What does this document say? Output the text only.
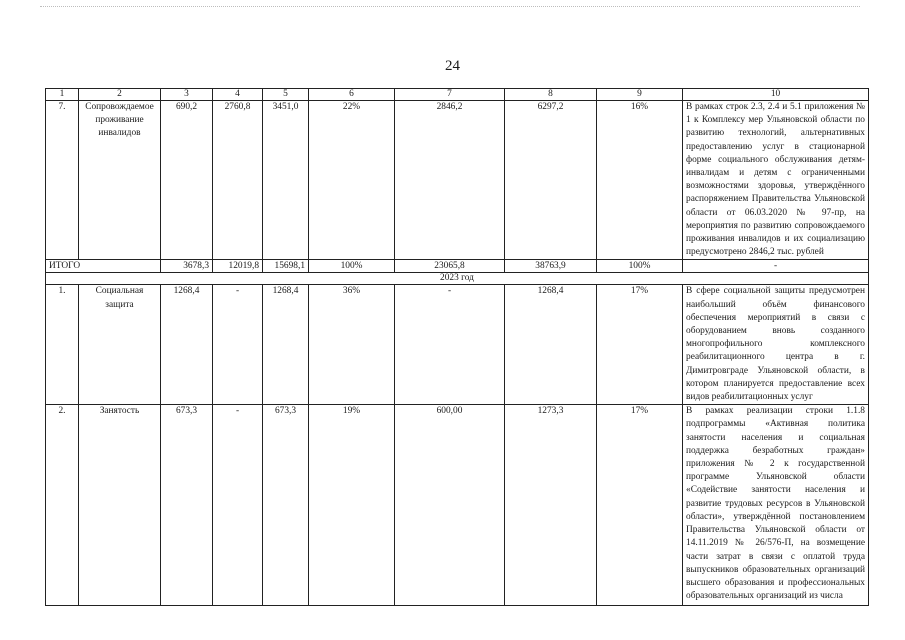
24
1	2	3	4	5	6	7	8	9	10
7.	Сопровождаемое проживание инвалидов	690,2	2760,8	3451,0	22%	2846,2	6297,2	16%	В рамках строк 2.3, 2.4 и 5.1 приложения № 1 к Комплексу мер Ульяновской области по развитию технологий, альтернативных предоставлению услуг в стационарной форме социального обслуживания детям-инвалидам и детям с ограниченными возможностями здоровья, утверждённого распоряжением Правительства Ульяновской области от 06.03.2020 № 97-пр, на мероприятия по развитию сопровождаемого проживания инвалидов и их социализацию предусмотрено 2846,2 тыс. рублей
ИТОГО		3678,3	12019,8	15698,1	100%	23065,8	38763,9	100%	-
2023 год									
1.	Социальная защита	1268,4	-	1268,4	36%	-	1268,4	17%	В сфере социальной защиты предусмотрен наибольший объём финансового обеспечения мероприятий в связи с оборудованием вновь созданного многопрофильного комплексного реабилитационного центра в г. Димитровграде Ульяновской области, в котором планируется предоставление всех видов реабилитационных услуг
2.	Занятость	673,3	-	673,3	19%	600,00	1273,3	17%	В рамках реализации строки 1.1.8 подпрограммы «Активная политика занятости населения и социальная поддержка безработных граждан» приложения № 2 к государственной программе Ульяновской области «Содействие занятости населения и развитие трудовых ресурсов в Ульяновской области», утверждённой постановлением Правительства Ульяновской области от 14.11.2019 № 26/576-П, на возмещение части затрат в связи с оплатой труда выпускников образовательных организаций высшего образования и профессиональных образовательных организаций из числа
